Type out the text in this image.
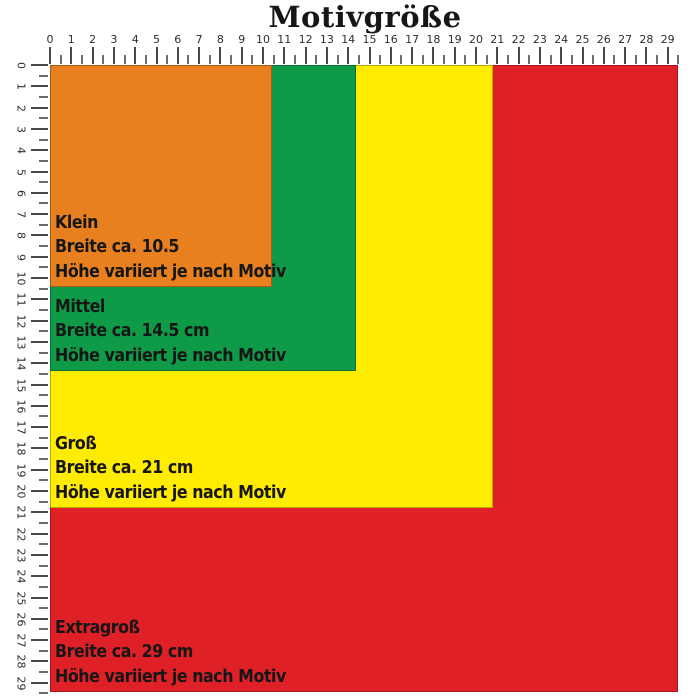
Motivgröße
Extragroß
Breite ca. 29 cm
Höhe variiert je nach Motiv
Groß
Breite ca. 21 cm
Höhe variiert je nach Motiv
Mittel
Breite ca. 14.5 cm
Höhe variiert je nach Motiv
Klein
Breite ca. 10.5
Höhe variiert je nach Motiv
0	1	2	3	4	5	6	7	8	9 10 11 12 13 14 15 16 17 18 19 20 21 22 23 24 25 26 27 28 29
0
1
2
3
4
5
6
7
8
9
10
11
12
13
14
15
16
17
18
19
20
21
22
23
24
25
26
27
28
29
